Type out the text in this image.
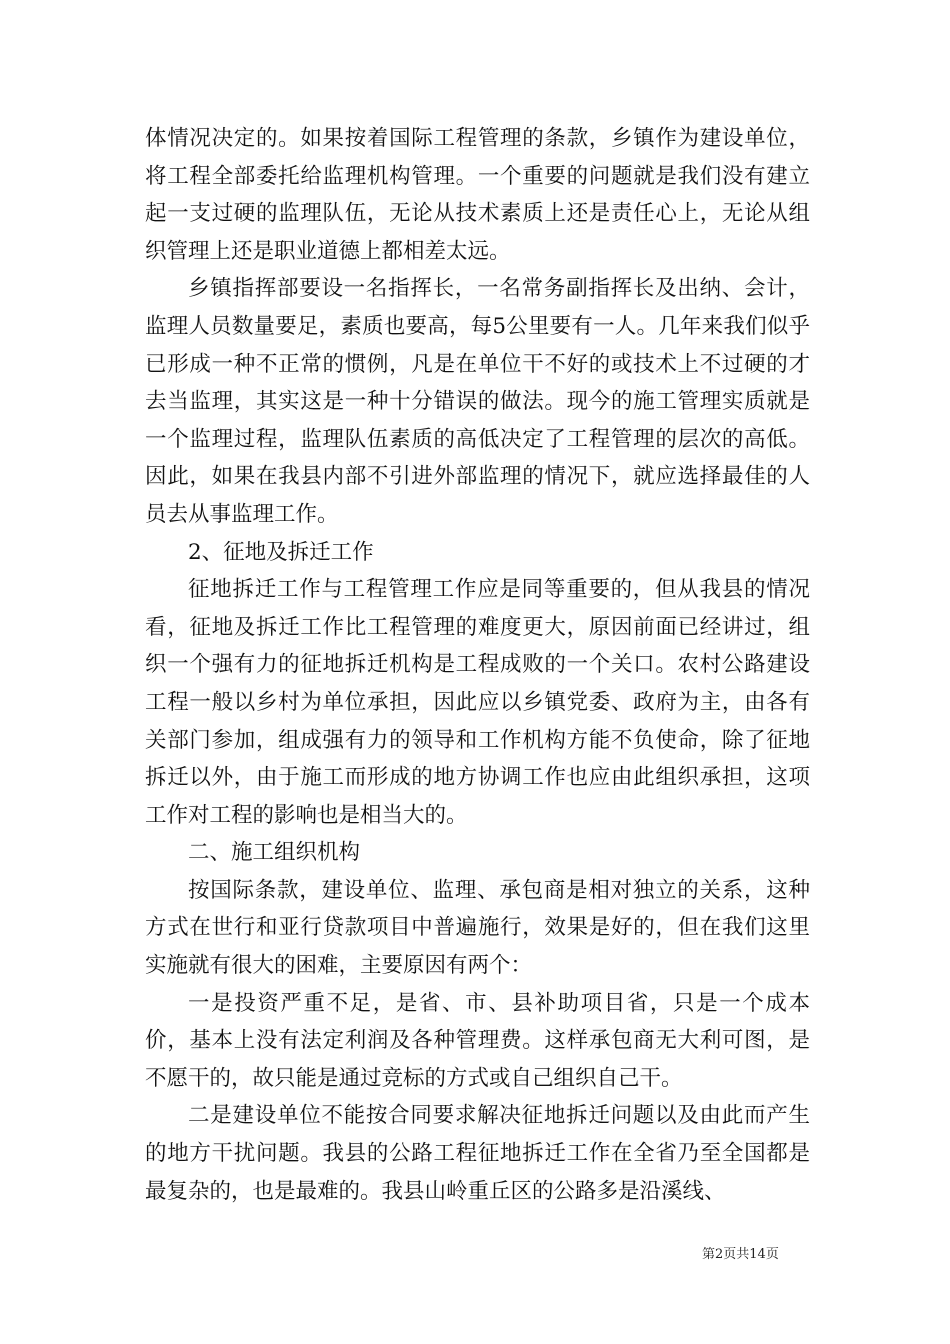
体情况决定的。如果按着国际工程管理的条款，乡镇作为建设单位，将工程全部委托给监理机构管理。一个重要的问题就是我们没有建立起一支过硬的监理队伍，无论从技术素质上还是责任心上，无论从组织管理上还是职业道德上都相差太远。

乡镇指挥部要设一名指挥长，一名常务副指挥长及出纳、会计，监理人员数量要足，素质也要高，每5公里要有一人。几年来我们似乎已形成一种不正常的惯例，凡是在单位干不好的或技术上不过硬的才去当监理，其实这是一种十分错误的做法。现今的施工管理实质就是一个监理过程，监理队伍素质的高低决定了工程管理的层次的高低。因此，如果在我县内部不引进外部监理的情况下，就应选择最佳的人员去从事监理工作。

2、征地及拆迁工作

征地拆迁工作与工程管理工作应是同等重要的，但从我县的情况看，征地及拆迁工作比工程管理的难度更大，原因前面已经讲过，组织一个强有力的征地拆迁机构是工程成败的一个关口。农村公路建设工程一般以乡村为单位承担，因此应以乡镇党委、政府为主，由各有关部门参加，组成强有力的领导和工作机构方能不负使命，除了征地拆迁以外，由于施工而形成的地方协调工作也应由此组织承担，这项工作对工程的影响也是相当大的。

二、施工组织机构

按国际条款，建设单位、监理、承包商是相对独立的关系，这种方式在世行和亚行贷款项目中普遍施行，效果是好的，但在我们这里实施就有很大的困难，主要原因有两个：

一是投资严重不足，是省、市、县补助项目省，只是一个成本价，基本上没有法定利润及各种管理费。这样承包商无大利可图，是不愿干的，故只能是通过竞标的方式或自己组织自己干。

二是建设单位不能按合同要求解决征地拆迁问题以及由此而产生的地方干扰问题。我县的公路工程征地拆迁工作在全省乃至全国都是最复杂的，也是最难的。我县山岭重丘区的公路多是沿溪线、

第2页共14页
